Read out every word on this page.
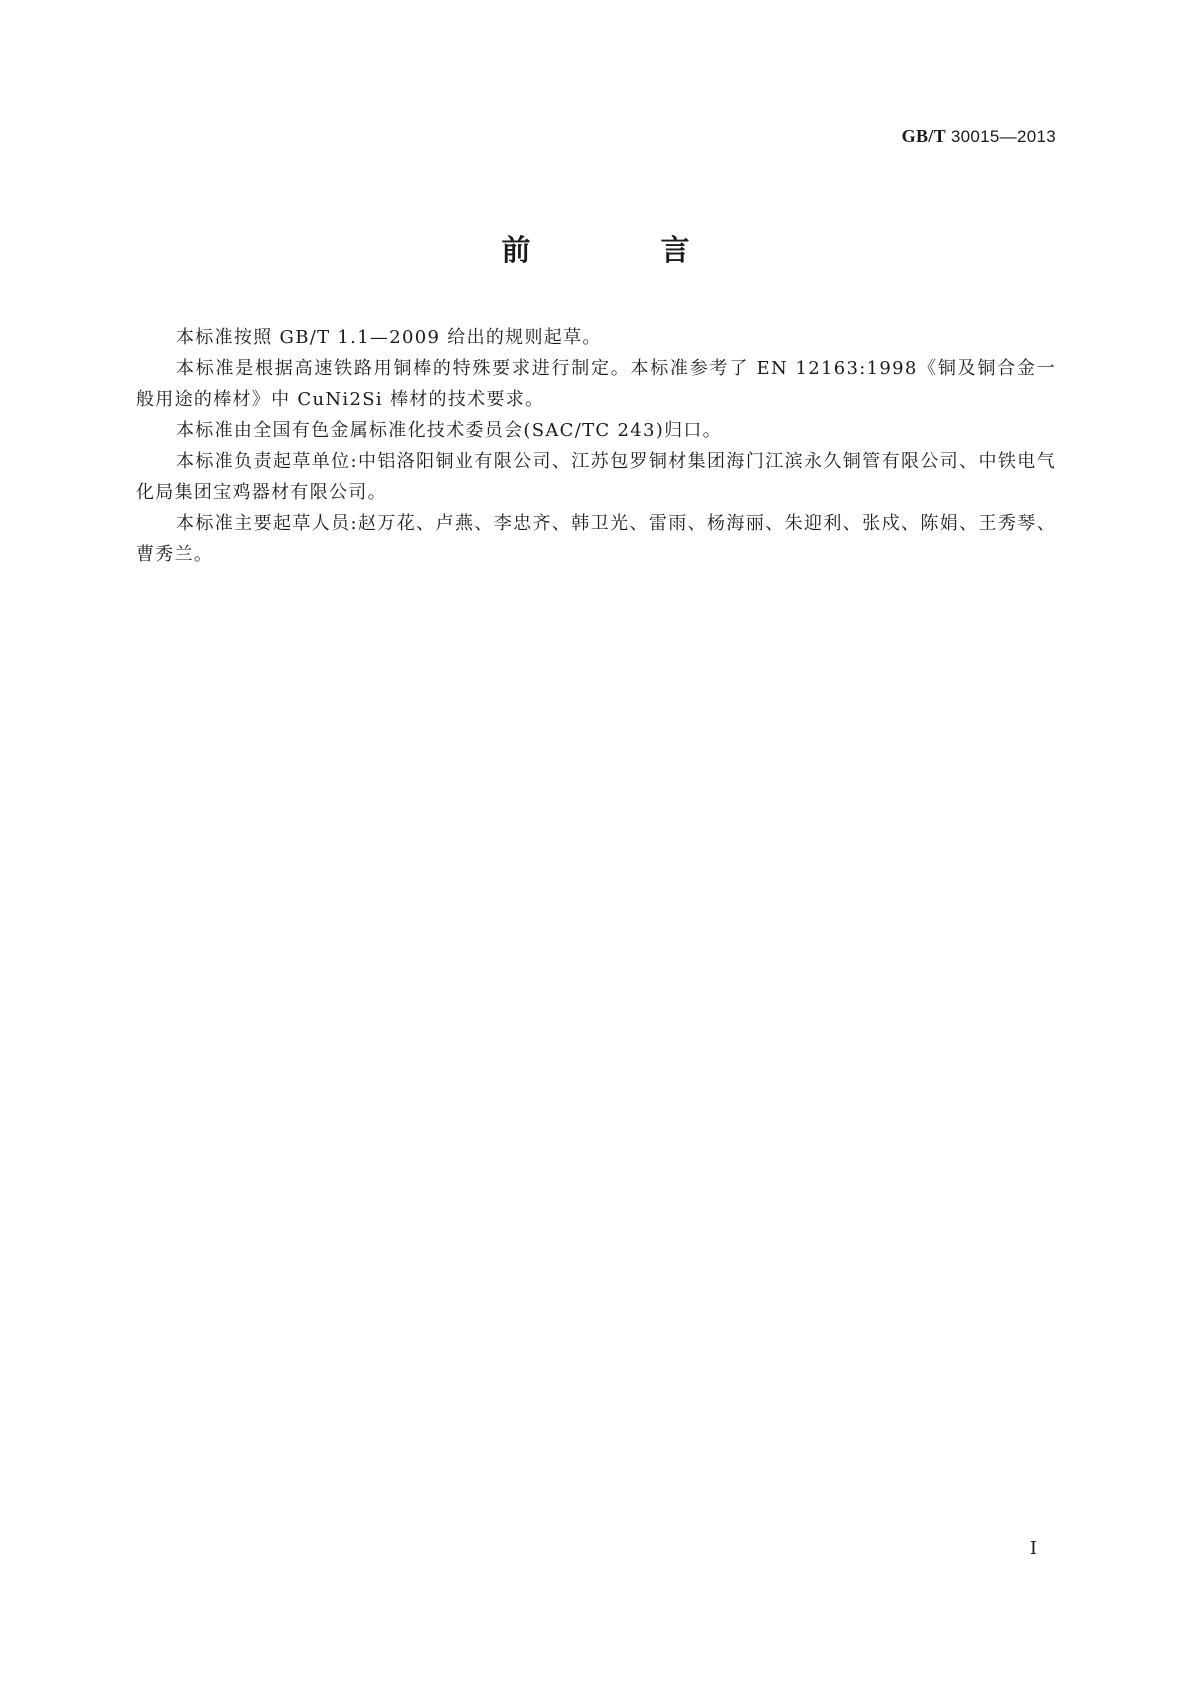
GB/T 30015—2013
前 言

本标准按照 GB/T 1.1—2009 给出的规则起草。

本标准是根据高速铁路用铜棒的特殊要求进行制定。本标准参考了 EN 12163:1998《铜及铜合金一般用途的棒材》中 CuNi2Si 棒材的技术要求。

本标准由全国有色金属标准化技术委员会(SAC/TC 243)归口。

本标准负责起草单位:中铝洛阳铜业有限公司、江苏包罗铜材集团海门江滨永久铜管有限公司、中铁电气化局集团宝鸡器材有限公司。

本标准主要起草人员:赵万花、卢燕、李忠齐、韩卫光、雷雨、杨海丽、朱迎利、张戍、陈娟、王秀琴、曹秀兰。

I
